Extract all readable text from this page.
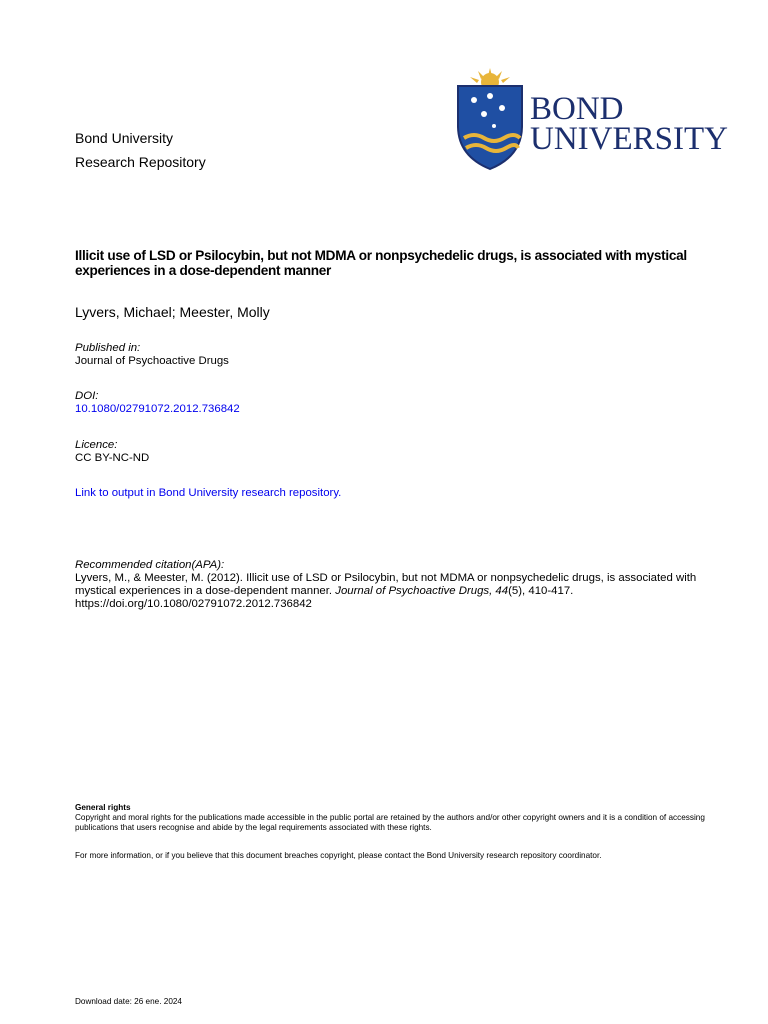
Bond University
Research Repository
BOND
UNIVERSITY
Illicit use of LSD or Psilocybin, but not MDMA or nonpsychedelic drugs, is associated with mystical experiences in a dose-dependent manner
Lyvers, Michael; Meester, Molly
Published in:
Journal of Psychoactive Drugs
DOI:
10.1080/02791072.2012.736842
Licence:
CC BY-NC-ND
Link to output in Bond University research repository.
Recommended citation(APA):
Lyvers, M., & Meester, M. (2012). Illicit use of LSD or Psilocybin, but not MDMA or nonpsychedelic drugs, is associated with mystical experiences in a dose-dependent manner. Journal of Psychoactive Drugs, 44(5), 410-417. https://doi.org/10.1080/02791072.2012.736842
General rights
Copyright and moral rights for the publications made accessible in the public portal are retained by the authors and/or other copyright owners and it is a condition of accessing publications that users recognise and abide by the legal requirements associated with these rights.
For more information, or if you believe that this document breaches copyright, please contact the Bond University research repository coordinator.
Download date: 26 ene. 2024
